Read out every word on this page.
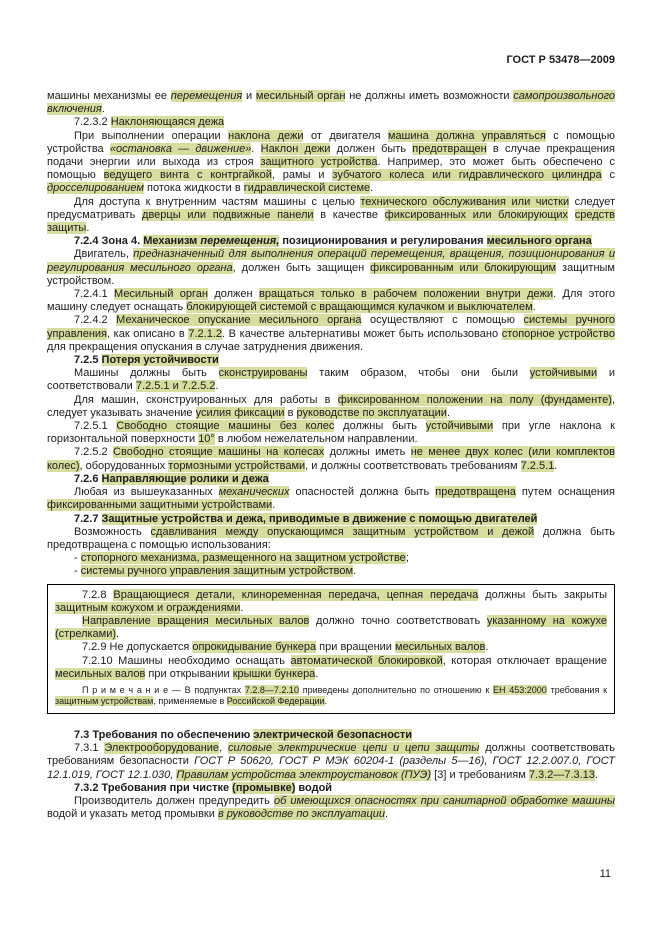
ГОСТ Р 53478—2009

машины механизмы ее перемещения и месильный орган не должны иметь возможности самопроизвольного включения.

7.2.3.2 Наклоняющаяся дежа

При выполнении операции наклона дежи от двигателя машина должна управляться с помощью устройства «остановка — движение». Наклон дежи должен быть предотвращен в случае прекращения подачи энергии или выхода из строя защитного устройства. Например, это может быть обеспечено с помощью ведущего винта с контргайкой, рамы и зубчатого колеса или гидравлического цилиндра с дросселированием потока жидкости в гидравлической системе.

Для доступа к внутренним частям машины с целью технического обслуживания или чистки следует предусматривать дверцы или подвижные панели в качестве фиксированных или блокирующих средств защиты.

7.2.4 Зона 4. Механизм перемещения, позиционирования и регулирования месильного органа

Двигатель, предназначенный для выполнения операций перемещения, вращения, позиционирования и регулирования месильного органа, должен быть защищен фиксированным или блокирующим защитным устройством.

7.2.4.1 Месильный орган должен вращаться только в рабочем положении внутри дежи. Для этого машину следует оснащать блокирующей системой с вращающимся кулачком и выключателем.

7.2.4.2 Механическое опускание месильного органа осуществляют с помощью системы ручного управления, как описано в 7.2.1.2. В качестве альтернативы может быть использовано стопорное устройство для прекращения опускания в случае затруднения движения.

7.2.5 Потеря устойчивости

Машины должны быть сконструированы таким образом, чтобы они были устойчивыми и соответствовали 7.2.5.1 и 7.2.5.2.

Для машин, сконструированных для работы в фиксированном положении на полу (фундаменте), следует указывать значение усилия фиксации в руководстве по эксплуатации.

7.2.5.1 Свободно стоящие машины без колес должны быть устойчивыми при угле наклона к горизонтальной поверхности 10° в любом нежелательном направлении.

7.2.5.2 Свободно стоящие машины на колесах должны иметь не менее двух колес (или комплектов колес), оборудованных тормозными устройствами, и должны соответствовать требованиям 7.2.5.1.

7.2.6 Направляющие ролики и дежа

Любая из вышеуказанных механических опасностей должна быть предотвращена путем оснащения фиксированными защитными устройствами.

7.2.7 Защитные устройства и дежа, приводимые в движение с помощью двигателей

Возможность сдавливания между опускающимся защитным устройством и дежой должна быть предотвращена с помощью использования:

- стопорного механизма, размещенного на защитном устройстве;

- системы ручного управления защитным устройством.

7.2.8 Вращающиеся детали, клиноременная передача, цепная передача должны быть закрыты защитным кожухом и ограждениями.

Направление вращения месильных валов должно точно соответствовать указанному на кожухе (стрелками).

7.2.9 Не допускается опрокидывание бункера при вращении месильных валов.

7.2.10 Машины необходимо оснащать автоматической блокировкой, которая отключает вращение месильных валов при открывании крышки бункера.

П р и м е ч а н и е — В подпунктах 7.2.8—7.2.10 приведены дополнительно по отношению к ЕН 453:2000 требования к защитным устройствам, применяемые в Российской Федерации.

7.3 Требования по обеспечению электрической безопасности

7.3.1 Электрооборудование, силовые электрические цепи и цепи защиты должны соответствовать требованиям безопасности ГОСТ Р 50620, ГОСТ Р МЭК 60204-1 (разделы 5—16), ГОСТ 12.2.007.0, ГОСТ 12.1.019, ГОСТ 12.1.030, Правилам устройства электроустановок (ПУЭ) [3] и требованиям 7.3.2—7.3.13.

7.3.2 Требования при чистке (промывке) водой

Производитель должен предупредить об имеющихся опасностях при санитарной обработке машины водой и указать метод промывки в руководстве по эксплуатации.

11
